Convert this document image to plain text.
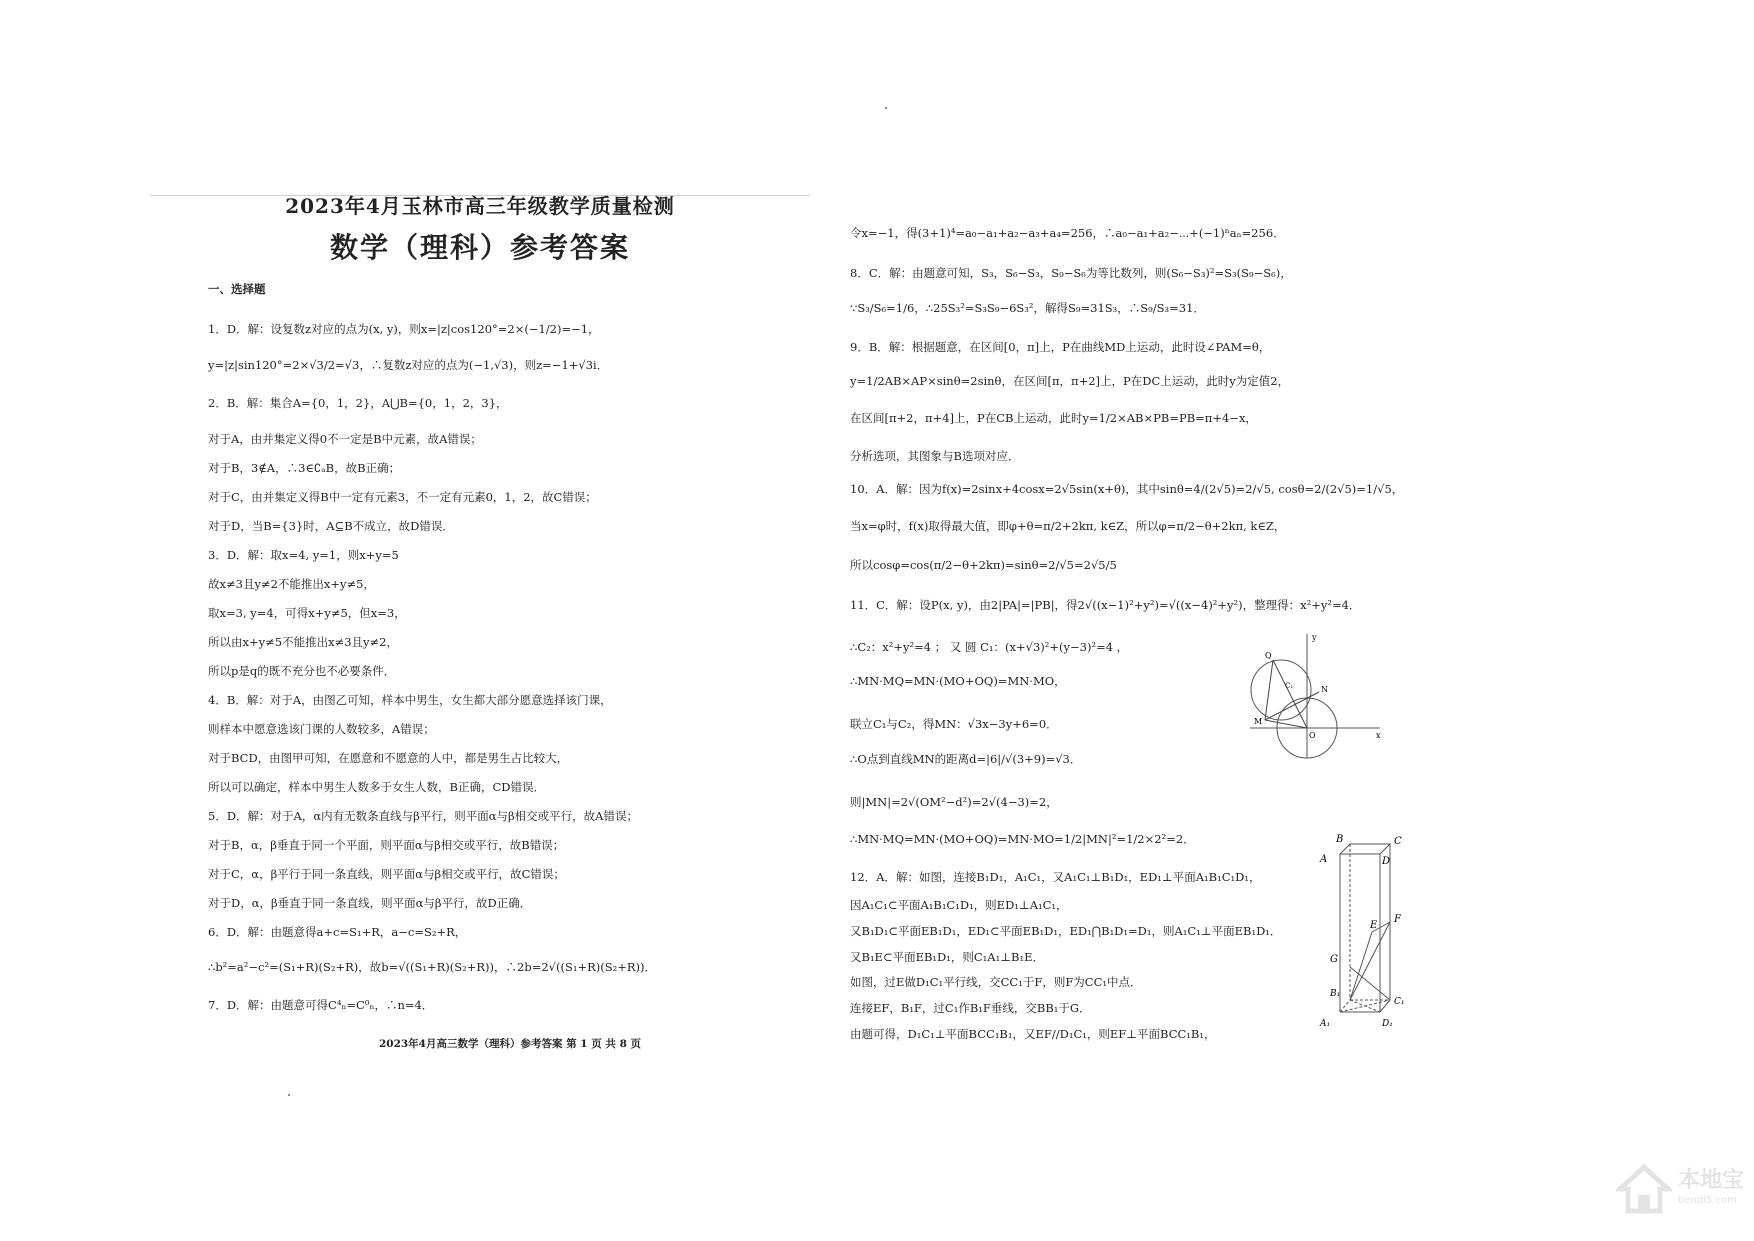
2023年4月玉林市高三年级教学质量检测
数学（理科）参考答案
一、选择题
1．D．解：设复数z对应的点为(x, y)，则x=|z|cos120°=2×(−1/2)=−1，
y=|z|sin120°=2×√3/2=√3，∴复数z对应的点为(−1,√3)，则z=−1+√3i．
2．B．解：集合A={0，1，2}，A⋃B={0，1，2，3}，
对于A，由并集定义得0不一定是B中元素，故A错误；
对于B，3∉A，∴3∈∁ₐB，故B正确；
对于C，由并集定义得B中一定有元素3，不一定有元素0，1，2，故C错误；
对于D，当B={3}时，A⊆B不成立，故D错误．
3．D．解：取x=4, y=1，则x+y=5
故x≠3且y≠2不能推出x+y≠5，
取x=3, y=4，可得x+y≠5，但x=3，
所以由x+y≠5不能推出x≠3且y≠2，
所以p是q的既不充分也不必要条件．
4．B．解：对于A，由图乙可知，样本中男生，女生都大部分愿意选择该门课，
则样本中愿意选该门课的人数较多，A错误；
对于BCD，由图甲可知，在愿意和不愿意的人中，都是男生占比较大，
所以可以确定，样本中男生人数多于女生人数，B正确，CD错误．
5．D．解：对于A，α内有无数条直线与β平行，则平面α与β相交或平行，故A错误；
对于B，α，β垂直于同一个平面，则平面α与β相交或平行，故B错误；
对于C，α，β平行于同一条直线，则平面α与β相交或平行，故C错误；
对于D，α，β垂直于同一条直线，则平面α与β平行，故D正确．
6．D．解：由题意得a+c=S₁+R，a−c=S₂+R，
∴b²=a²−c²=(S₁+R)(S₂+R)，故b=√((S₁+R)(S₂+R))，∴2b=2√((S₁+R)(S₂+R))．
7．D．解：由题意可得C⁴ₙ=C⁰ₙ，∴n=4．
2023年4月高三数学（理科）参考答案 第 1 页 共 8 页
令x=−1，得(3+1)⁴=a₀−a₁+a₂−a₃+a₄=256，∴a₀−a₁+a₂−⋯+(−1)ⁿaₙ=256．
8．C．解：由题意可知，S₃，S₆−S₃，S₉−S₆为等比数列，则(S₆−S₃)²=S₃(S₉−S₆)，
∵S₃/S₆=1/6，∴25S₃²=S₃S₉−6S₃²，解得S₉=31S₃，∴S₉/S₃=31．
9．B．解：根据题意，在区间[0，π]上，P在曲线MD上运动，此时设∠PAM=θ，
y=1/2AB×AP×sinθ=2sinθ，在区间[π，π+2]上，P在DC上运动，此时y为定值2，
在区间[π+2，π+4]上，P在CB上运动，此时y=1/2×AB×PB=PB=π+4−x，
分析选项，其图象与B选项对应．
10．A．解：因为f(x)=2sinx+4cosx=2√5sin(x+θ)，其中sinθ=4/(2√5)=2/√5, cosθ=2/(2√5)=1/√5，
当x=φ时，f(x)取得最大值，即φ+θ=π/2+2kπ, k∈Z，所以φ=π/2−θ+2kπ, k∈Z，
所以cosφ=cos(π/2−θ+2kπ)=sinθ=2/√5=2√5/5
11．C．解：设P(x, y)，由2|PA|=|PB|，得2√((x−1)²+y²)=√((x−4)²+y²)，整理得：x²+y²=4．
∴C₂：x²+y²=4 ； 又 圆 C₁：(x+√3)²+(y−3)²=4 ，
∴MN·MQ=MN·(MO+OQ)=MN·MO，
联立C₁与C₂，得MN：√3x−3y+6=0．
∴O点到直线MN的距离d=|6|/√(3+9)=√3．
则|MN|=2√(OM²−d²)=2√(4−3)=2，
∴MN·MQ=MN·(MO+OQ)=MN·MO=1/2|MN|²=1/2×2²=2．
12．A．解：如图，连接B₁D₁，A₁C₁，又A₁C₁⊥B₁D₁，ED₁⊥平面A₁B₁C₁D₁，
因A₁C₁⊂平面A₁B₁C₁D₁，则ED₁⊥A₁C₁，
又B₁D₁⊂平面EB₁D₁，ED₁⊂平面EB₁D₁，ED₁⋂B₁D₁=D₁，则A₁C₁⊥平面EB₁D₁．
又B₁E⊂平面EB₁D₁，则C₁A₁⊥B₁E．
如图，过E做D₁C₁平行线，交CC₁于F，则F为CC₁中点．
连接EF，B₁F，过C₁作B₁F垂线，交BB₁于G．
由题可得，D₁C₁⊥平面BCC₁B₁，又EF//D₁C₁，则EF⊥平面BCC₁B₁，
y
x
O
M
N
Q
C₁
B	C
A	D
E
F
G
B₁
C₁
A₁	D₁
本地宝
bendi5.com
